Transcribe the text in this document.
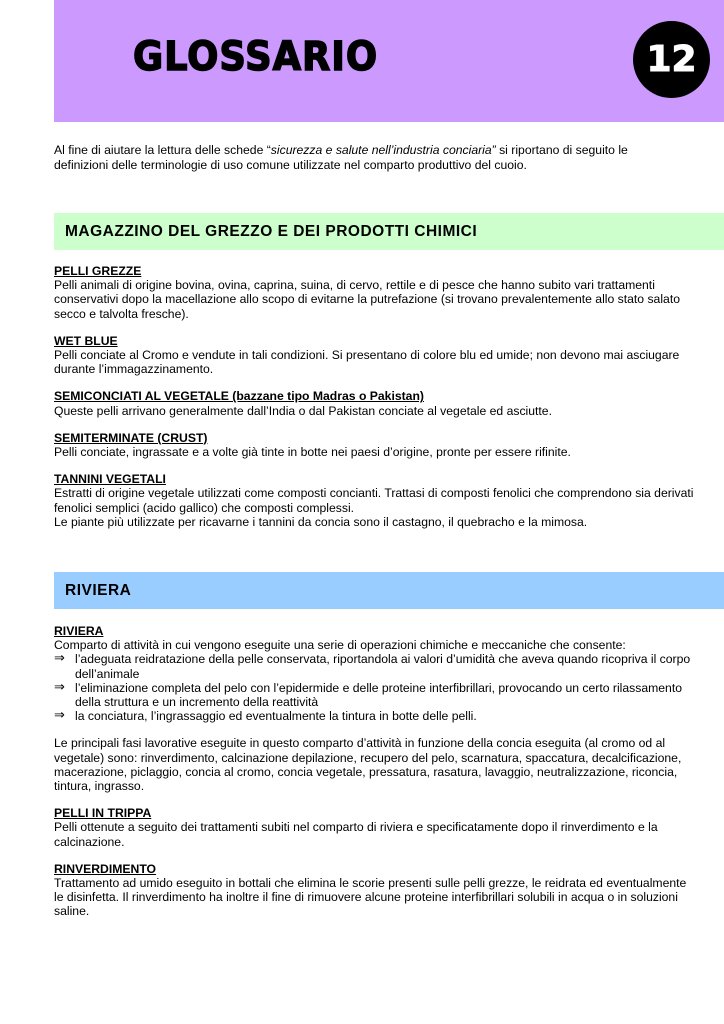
GLOSSARIO	12
Al fine di aiutare la lettura delle schede “sicurezza e salute nell’industria conciaria” si riportano di seguito le definizioni delle terminologie di uso comune utilizzate nel comparto produttivo del cuoio.
MAGAZZINO DEL GREZZO E DEI PRODOTTI CHIMICI
PELLI GREZZE
Pelli animali di origine bovina, ovina, caprina, suina, di cervo, rettile e di pesce che hanno subito vari trattamenti conservativi dopo la macellazione allo scopo di evitarne la putrefazione (si trovano prevalentemente allo stato salato secco e talvolta fresche).
WET BLUE
Pelli conciate al Cromo e vendute in tali condizioni. Si presentano di colore blu ed umide; non devono mai asciugare durante l’immagazzinamento.
SEMICONCIATI AL VEGETALE (bazzane tipo Madras o Pakistan)
Queste pelli arrivano generalmente dall’India o dal Pakistan conciate al vegetale ed asciutte.
SEMITERMINATE (CRUST)
Pelli conciate, ingrassate e a volte già tinte in botte nei paesi d’origine, pronte per essere rifinite.
TANNINI VEGETALI
Estratti di origine vegetale utilizzati come composti concianti. Trattasi di composti fenolici che comprendono sia derivati fenolici semplici (acido gallico) che composti complessi.
Le piante più utilizzate per ricavarne i tannini da concia sono il castagno, il quebracho e la mimosa.
RIVIERA
RIVIERA
Comparto di attività in cui vengono eseguite una serie di operazioni chimiche e meccaniche che consente:
⇒ l’adeguata reidratazione della pelle conservata, riportandola ai valori d’umidità che aveva quando ricopriva il corpo dell’animale
⇒ l’eliminazione completa del pelo con l’epidermide e delle proteine interfibrillari, provocando un certo rilassamento della struttura e un incremento della reattività
⇒ la conciatura, l’ingrassaggio ed eventualmente la tintura in botte delle pelli.
Le principali fasi lavorative eseguite in questo comparto d’attività in funzione della concia eseguita (al cromo od al vegetale) sono: rinverdimento, calcinazione depilazione, recupero del pelo, scarnatura, spaccatura, decalcificazione, macerazione, piclaggio, concia al cromo, concia vegetale, pressatura, rasatura, lavaggio, neutralizzazione, riconcia, tintura, ingrasso.
PELLI IN TRIPPA
Pelli ottenute a seguito dei trattamenti subiti nel comparto di riviera e specificatamente dopo il rinverdimento e la calcinazione.
RINVERDIMENTO
Trattamento ad umido eseguito in bottali che elimina le scorie presenti sulle pelli grezze, le reidrata ed eventualmente le disinfetta. Il rinverdimento ha inoltre il fine di rimuovere alcune proteine interfibrillari solubili in acqua o in soluzioni saline.
